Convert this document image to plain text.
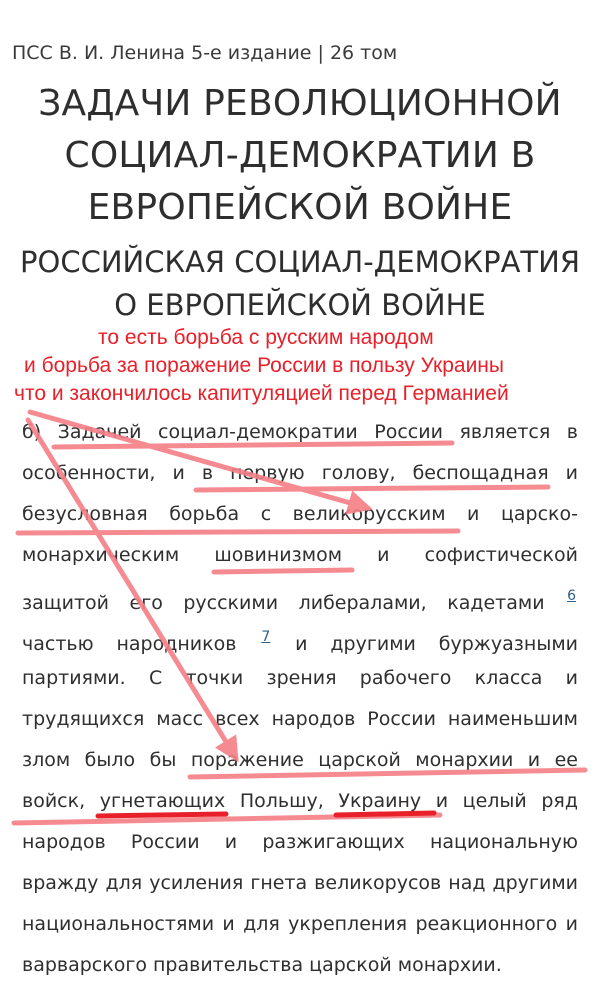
ПСС В. И. Ленина 5-е издание | 26 том
ЗАДАЧИ РЕВОЛЮЦИОННОЙ
СОЦИАЛ-ДЕМОКРАТИИ В
ЕВРОПЕЙСКОЙ ВОЙНЕ
РОССИЙСКАЯ СОЦИАЛ-ДЕМОКРАТИЯ
О ЕВРОПЕЙСКОЙ ВОЙНЕ
то есть борьба с русским народом
и борьба за поражение России в пользу Украины
что и закончилось капитуляцией перед Германией
б) Задачей социал-демократии России является в
особенности, и в первую голову, беспощадная и
безусловная борьба с великорусским и царско-
монархическим шовинизмом и софистической
защитой его русскими либералами, кадетами $^6$
частью народников $^7$ и другими буржуазными
партиями. С точки зрения рабочего класса и
трудящихся масс всех народов России наименьшим
злом было бы поражение царской монархии и ее
войск, угнетающих Польшу, Украину и целый ряд
народов России и разжигающих национальную
вражду для усиления гнета великорусов над другими
национальностями и для укрепления реакционного и
варварского правительства царской монархии.
